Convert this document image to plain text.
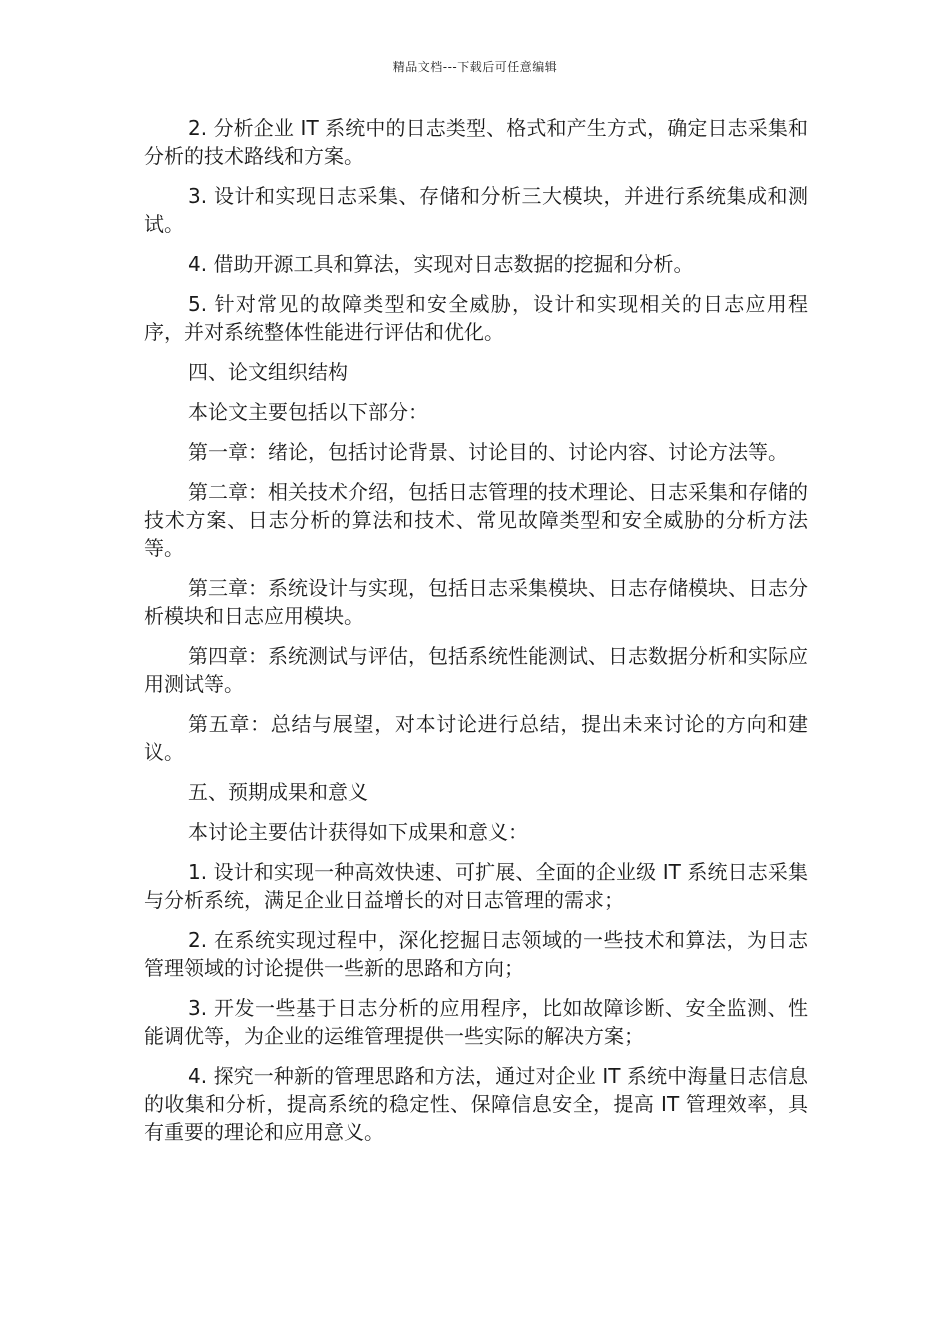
精品文档---下载后可任意编辑

2. 分析企业 IT 系统中的日志类型、格式和产生方式，确定日志采集和分析的技术路线和方案。

3. 设计和实现日志采集、存储和分析三大模块，并进行系统集成和测试。

4. 借助开源工具和算法，实现对日志数据的挖掘和分析。

5. 针对常见的故障类型和安全威胁，设计和实现相关的日志应用程序，并对系统整体性能进行评估和优化。

四、论文组织结构

本论文主要包括以下部分：

第一章：绪论，包括讨论背景、讨论目的、讨论内容、讨论方法等。

第二章：相关技术介绍，包括日志管理的技术理论、日志采集和存储的技术方案、日志分析的算法和技术、常见故障类型和安全威胁的分析方法等。

第三章：系统设计与实现，包括日志采集模块、日志存储模块、日志分析模块和日志应用模块。

第四章：系统测试与评估，包括系统性能测试、日志数据分析和实际应用测试等。

第五章：总结与展望，对本讨论进行总结，提出未来讨论的方向和建议。

五、预期成果和意义

本讨论主要估计获得如下成果和意义：

1. 设计和实现一种高效快速、可扩展、全面的企业级 IT 系统日志采集与分析系统，满足企业日益增长的对日志管理的需求；

2. 在系统实现过程中，深化挖掘日志领域的一些技术和算法，为日志管理领域的讨论提供一些新的思路和方向；

3. 开发一些基于日志分析的应用程序，比如故障诊断、安全监测、性能调优等，为企业的运维管理提供一些实际的解决方案；

4. 探究一种新的管理思路和方法，通过对企业 IT 系统中海量日志信息的收集和分析，提高系统的稳定性、保障信息安全，提高 IT 管理效率，具有重要的理论和应用意义。
